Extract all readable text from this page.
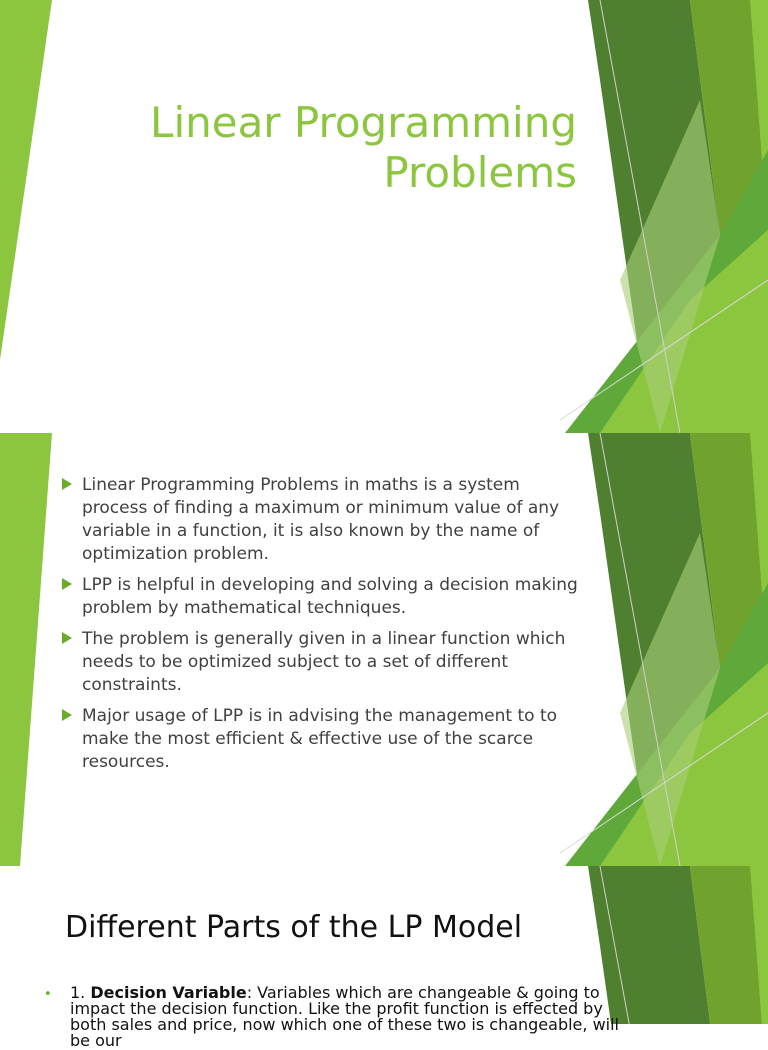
Linear Programming
Problems
Linear Programming Problems in maths is a system process of finding a maximum or minimum value of any variable in a function, it is also known by the name of optimization problem.
LPP is helpful in developing and solving a decision making problem by mathematical techniques.
The problem is generally given in a linear function which needs to be optimized subject to a set of different constraints.
Major usage of LPP is in advising the management to to make the most efficient & effective use of the scarce resources.
Different Parts of the LP Model
• 1. Decision Variable: Variables which are changeable & going to impact the decision function. Like the profit function is effected by both sales and price, now which one of these two is changeable, will be our
